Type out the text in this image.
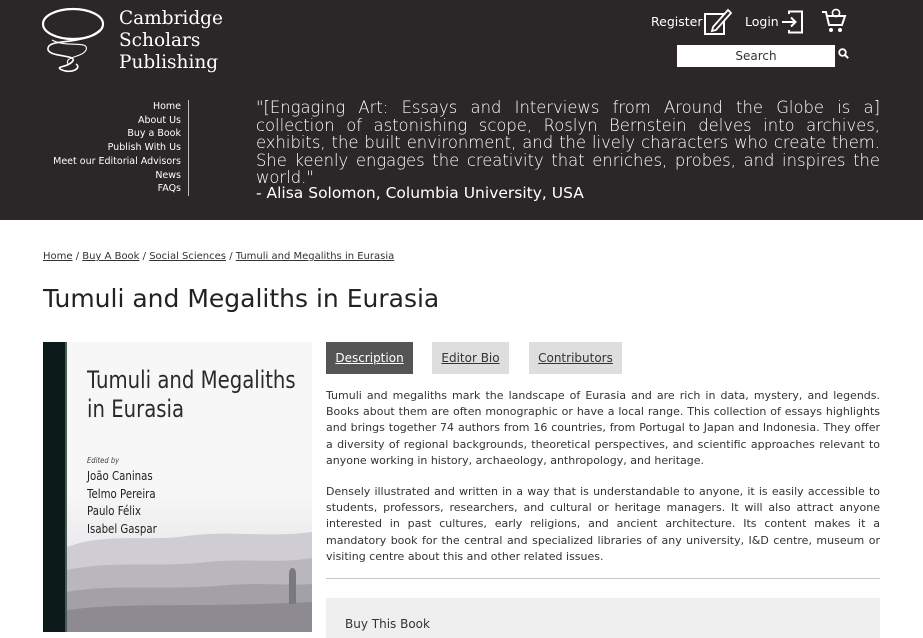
Cambridge
Scholars
Publishing
Register	Login
Search
Home
About Us
Buy a Book
Publish With Us
Meet our Editorial Advisors
News
FAQs
"[Engaging Art: Essays and Interviews from Around the Globe is a] collection of astonishing scope, Roslyn Bernstein delves into archives, exhibits, the built environment, and the lively characters who create them. She keenly engages the creativity that enriches, probes, and inspires the world."
- Alisa Solomon, Columbia University, USA
Home / Buy A Book / Social Sciences / Tumuli and Megaliths in Eurasia
Tumuli and Megaliths in Eurasia
Tumuli and Megaliths
in Eurasia
Edited by
João Caninas
Telmo Pereira
Paulo Félix
Isabel Gaspar
Description	Editor Bio	Contributors

Tumuli and megaliths mark the landscape of Eurasia and are rich in data, mystery, and legends. Books about them are often monographic or have a local range. This collection of essays highlights and brings together 74 authors from 16 countries, from Portugal to Japan and Indonesia. They offer a diversity of regional backgrounds, theoretical perspectives, and scientific approaches relevant to anyone working in history, archaeology, anthropology, and heritage.

Densely illustrated and written in a way that is understandable to anyone, it is easily accessible to students, professors, researchers, and cultural or heritage managers. It will also attract anyone interested in past cultures, early religions, and ancient architecture. Its content makes it a mandatory book for the central and specialized libraries of any university, I&D centre, museum or visiting centre about this and other related issues.

Buy This Book
